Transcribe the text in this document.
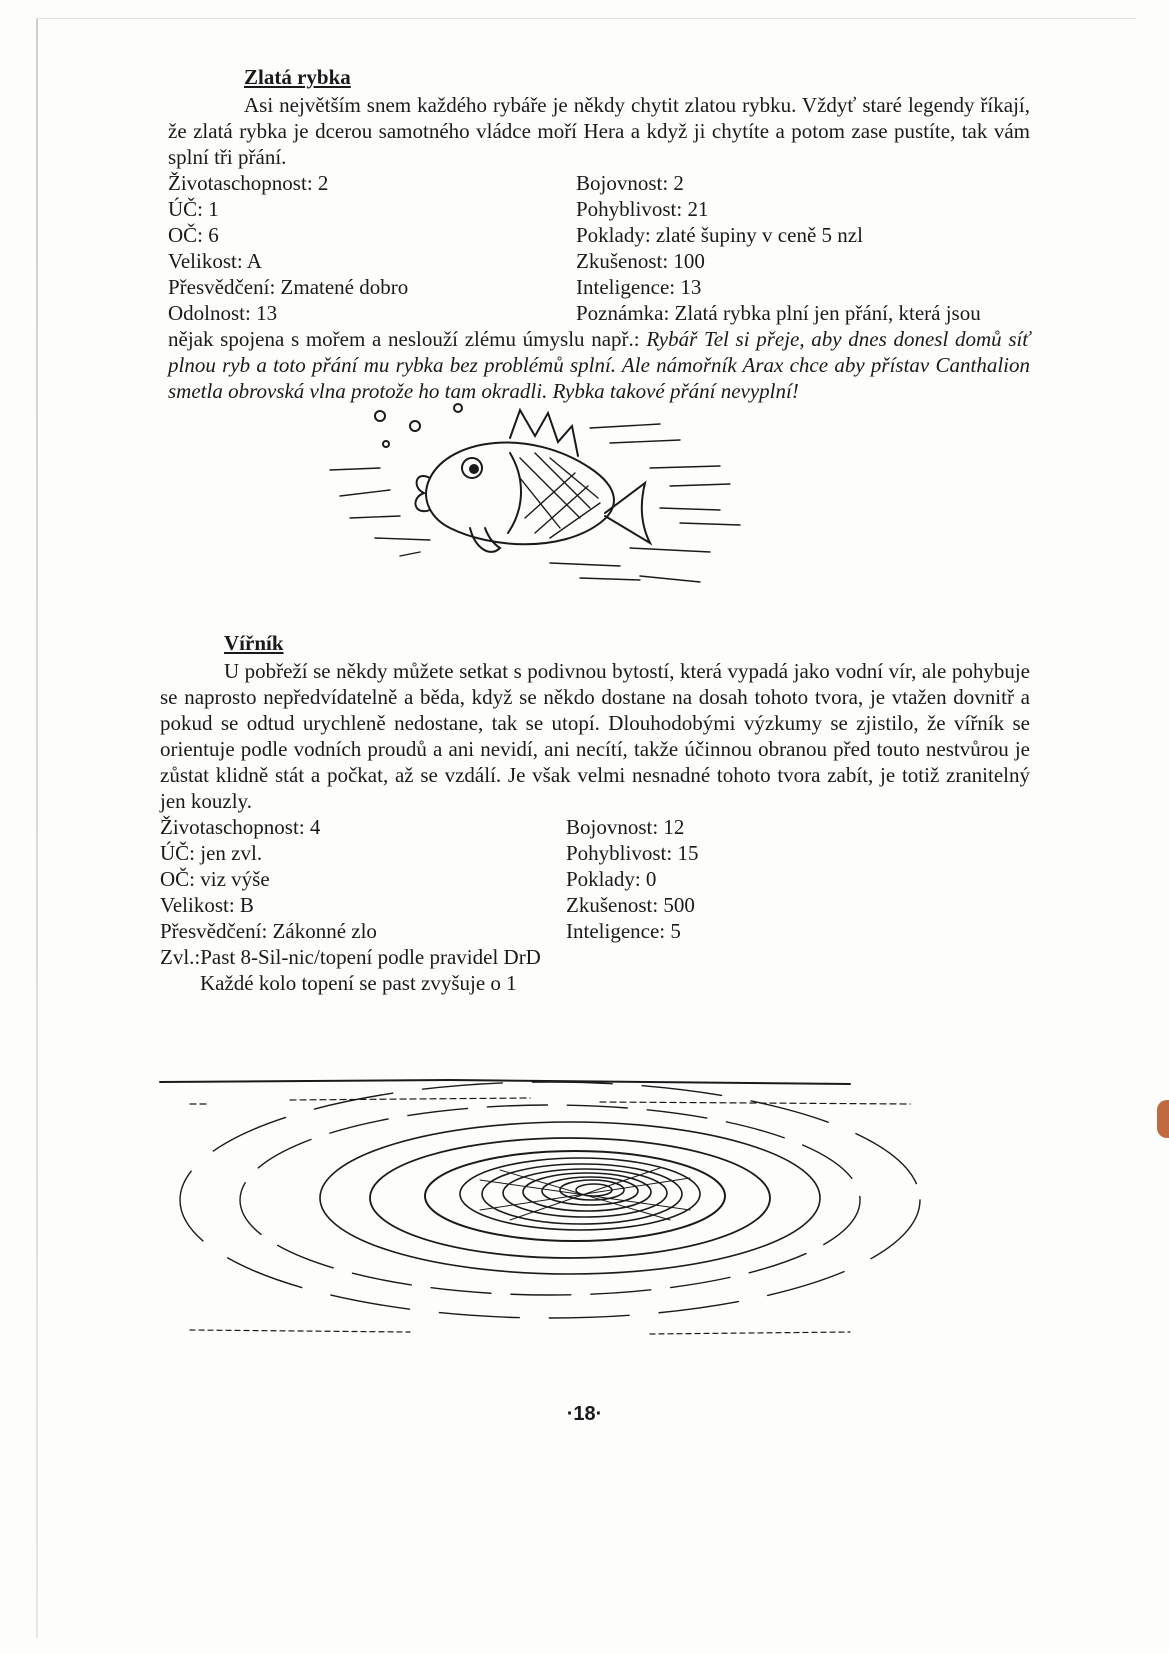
Zlatá rybka

Asi největším snem každého rybáře je někdy chytit zlatou rybku. Vždyť staré legendy říkají, že zlatá rybka je dcerou samotného vládce moří Hera a když ji chytíte a potom zase pustíte, tak vám splní tři přání.

Životaschopnost: 2	Bojovnost: 2
ÚČ: 1	Pohyblivost: 21
OČ: 6	Poklady: zlaté šupiny v ceně 5 nzl
Velikost: A	Zkušenost: 100
Přesvědčení: Zmatené dobro	Inteligence: 13
Odolnost: 13	Poznámka: Zlatá rybka plní jen přání, která jsou

nějak spojena s mořem a neslouží zlému úmyslu např.: Rybář Tel si přeje, aby dnes donesl domů síť plnou ryb a toto přání mu rybka bez problémů splní. Ale námořník Arax chce aby přístav Canthalion smetla obrovská vlna protože ho tam okradli. Rybka takové přání nevyplní!

Vířník

U pobřeží se někdy můžete setkat s podivnou bytostí, která vypadá jako vodní vír, ale pohybuje se naprosto nepředvídatelně a běda, když se někdo dostane na dosah tohoto tvora, je vtažen dovnitř a pokud se odtud urychleně nedostane, tak se utopí. Dlouhodobými výzkumy se zjistilo, že vířník se orientuje podle vodních proudů a ani nevidí, ani necítí, takže účinnou obranou před touto nestvůrou je zůstat klidně stát a počkat, až se vzdálí. Je však velmi nesnadné tohoto tvora zabít, je totiž zranitelný jen kouzly.

Životaschopnost: 4	Bojovnost: 12
ÚČ: jen zvl.	Pohyblivost: 15
OČ: viz výše	Poklady: 0
Velikost: B	Zkušenost: 500
Přesvědčení: Zákonné zlo	Inteligence: 5

Zvl.:Past 8-Sil-nic/topení podle pravidel DrD

Každé kolo topení se past zvyšuje o 1

·18·
